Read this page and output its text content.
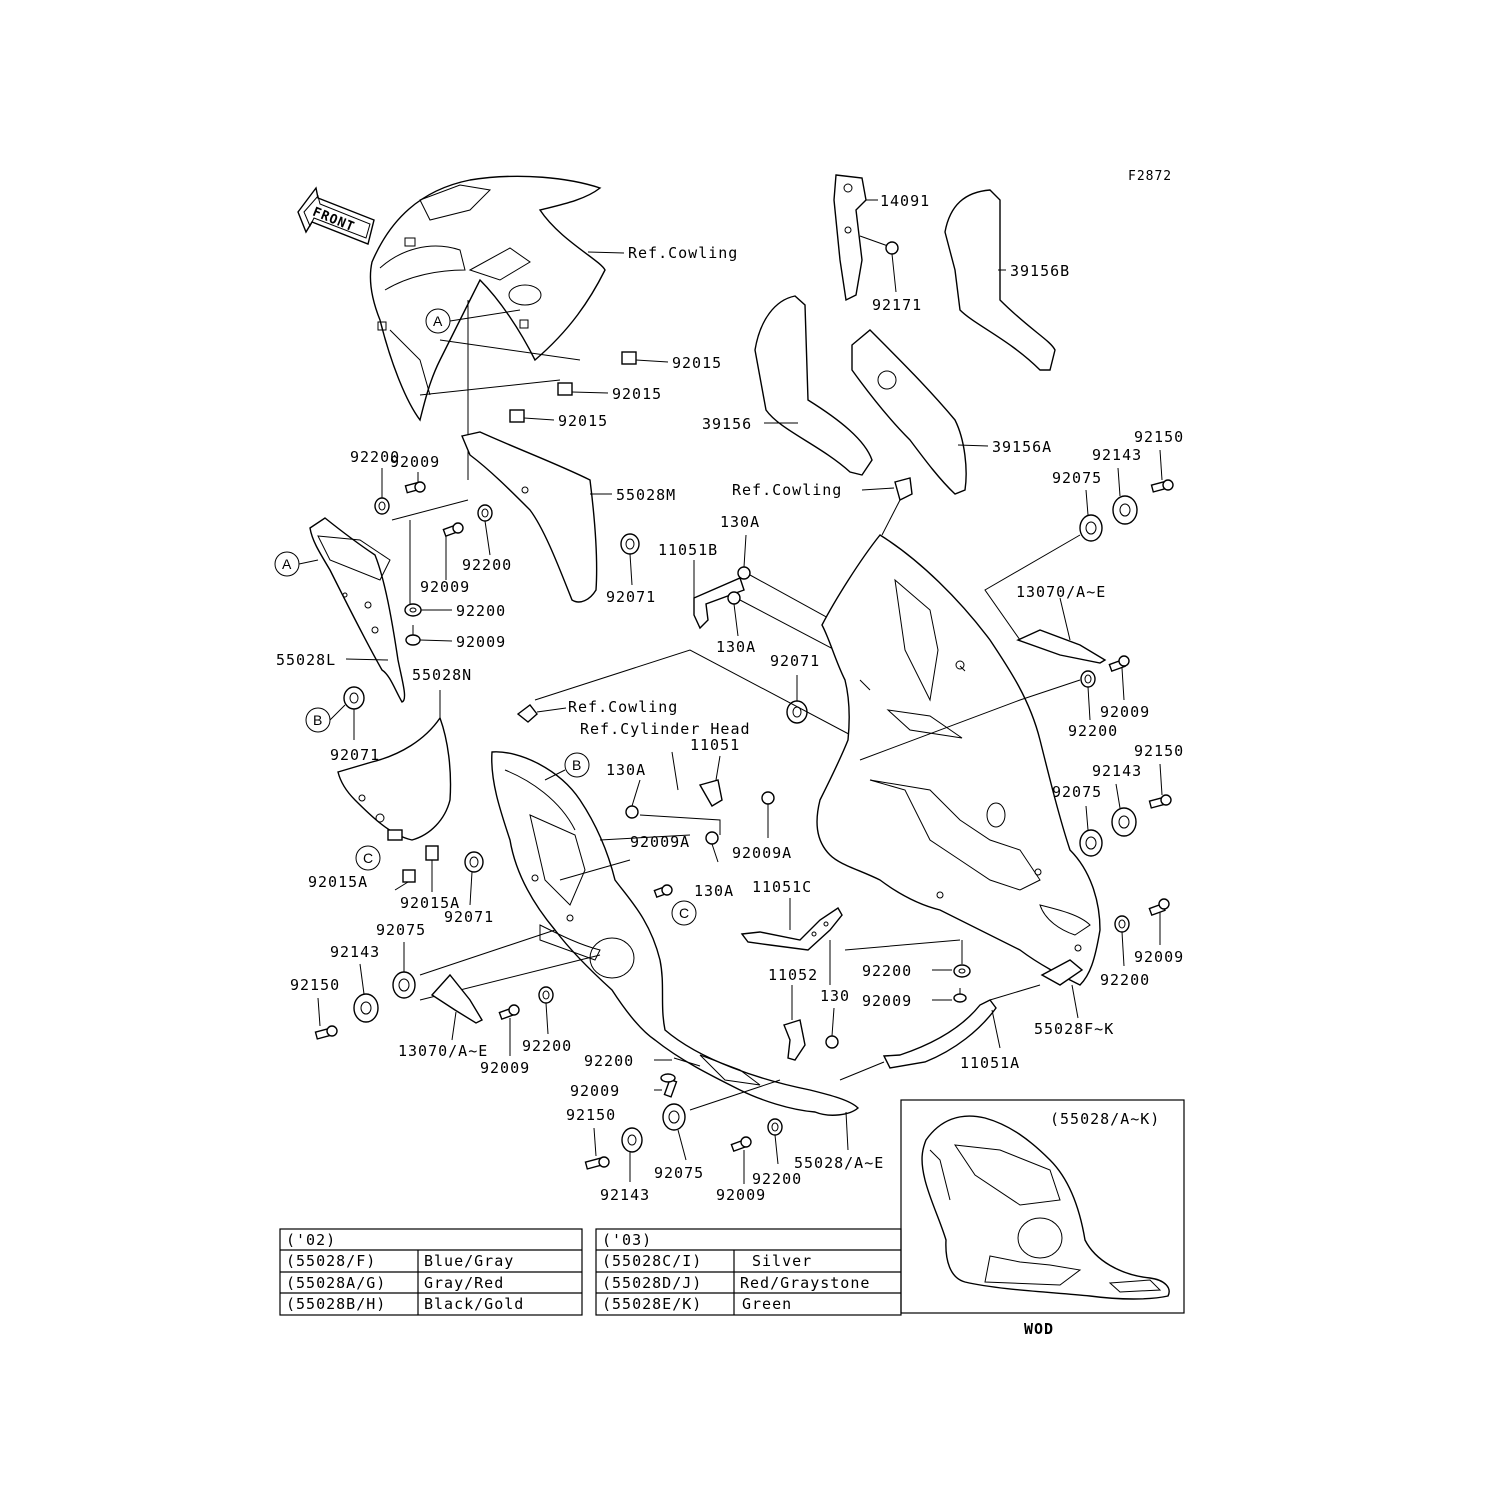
F2872
FRONT
Ref.Cowling
A
92015
92015
92015
14091
92171
39156B
39156
39156A
Ref.Cowling
92009
92200
55028M
92009
92200
92071
A
55028L
92200
92009
B
92071
55028N
C
92015A
92015A
92071
Ref.Cowling
Ref.Cylinder Head
B
11051
130A
92009A
130A
92009A
C
130A
11051B
130A
92071
92150
92143
92075
13070/A~E
92009
92200
92150
92143
92075
11051C
92009
92200
55028F~K
92200
92009
11051A
11052
130
92075
92143
92150
13070/A~E
92009
92200
92200
92009
92150
92143
92075
92009
92200
55028/A~E
(55028/A~K)
WOD
('02)
(55028/F)	Blue/Gray
(55028A/G)	Gray/Red
(55028B/H)	Black/Gold
('03)
(55028C/I)	Silver
(55028D/J)	Red/Graystone
(55028E/K)	Green
